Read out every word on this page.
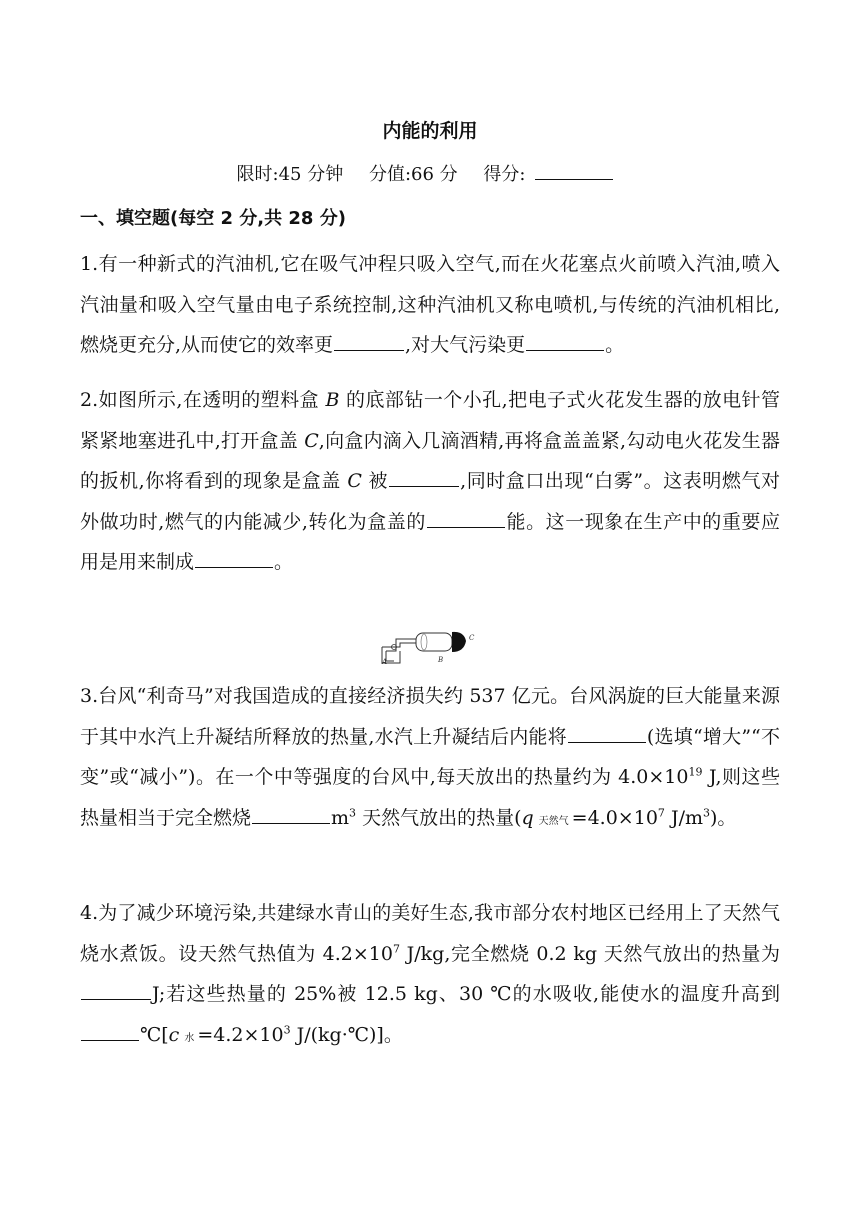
内能的利用
限时:45 分钟 分值:66 分 得分:
一、填空题(每空 2 分,共 28 分)
1.有一种新式的汽油机,它在吸气冲程只吸入空气,而在火花塞点火前喷入汽油,喷入汽油量和吸入空气量由电子系统控制,这种汽油机又称电喷机,与传统的汽油机相比,燃烧更充分,从而使它的效率更	,对大气污染更	。
2.如图所示,在透明的塑料盒 B 的底部钻一个小孔,把电子式火花发生器的放电针管紧紧地塞进孔中,打开盒盖 C,向盒内滴入几滴酒精,再将盒盖盖紧,勾动电火花发生器的扳机,你将看到的现象是盒盖 C 被	,同时盒口出现“白雾”。这表明燃气对外做功时,燃气的内能减少,转化为盒盖的	能。这一现象在生产中的重要应用是用来制成	。
A	B
C
3.台风“利奇马”对我国造成的直接经济损失约 537 亿元。台风涡旋的巨大能量来源于其中水汽上升凝结所释放的热量,水汽上升凝结后内能将	(选填“增大”“不变”或“减小”)。在一个中等强度的台风中,每天放出的热量约为 $4.0\times 10^{19}$ J,则这些热量相当于完全燃烧	$m^3$ 天然气放出的热量(q 天然气 $=4.0\times 10^7$ $J/m^3$)。
4.为了减少环境污染,共建绿水青山的美好生态,我市部分农村地区已经用上了天然气烧水煮饭。设天然气热值为 $4.2\times 10^7$ J/kg,完全燃烧 0.2 kg 天然气放出的热量为J;若这些热量的 25%被 12.5 kg、30 ℃的水吸收,能使水的温度升高到℃[c 水 $=4.2\times 10^3$ J/(kg·℃)]。
